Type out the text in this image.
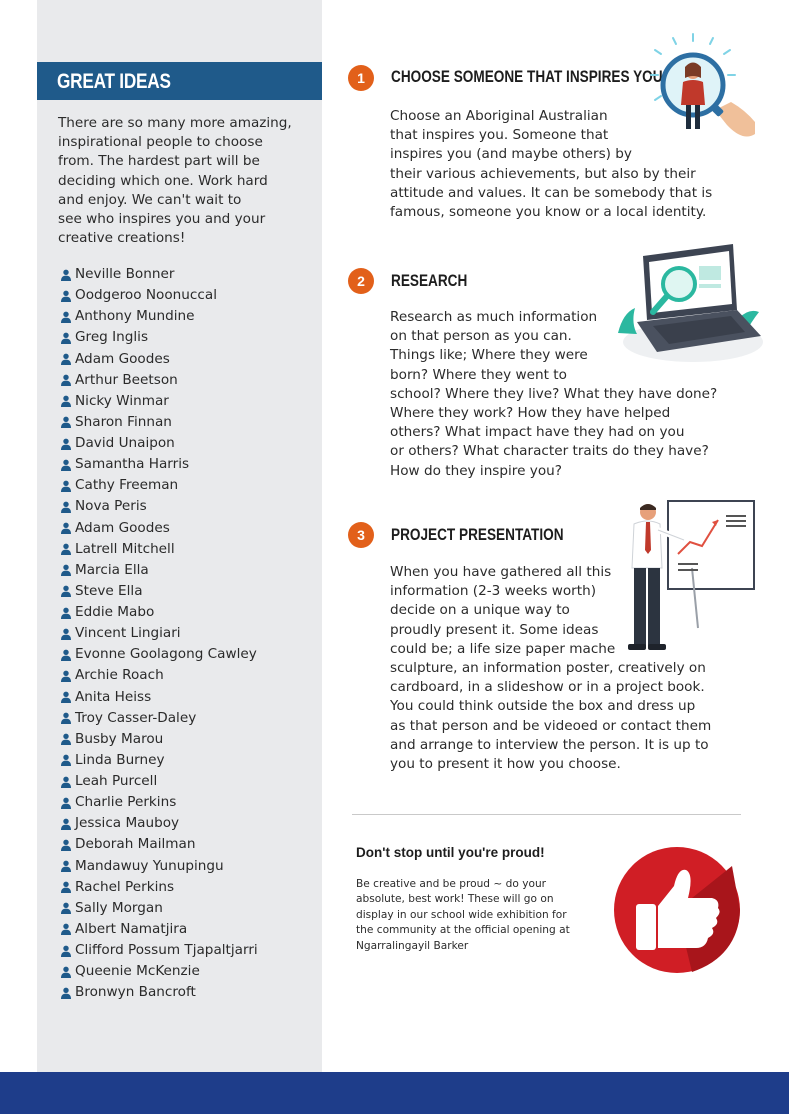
GREAT IDEAS
There are so many more amazing,
inspirational people to choose
from. The hardest part will be
deciding which one. Work hard
and enjoy. We can't wait to
see who inspires you and your
creative creations!
Neville Bonner
Oodgeroo Noonuccal
Anthony Mundine
Greg Inglis
Adam Goodes
Arthur Beetson
Nicky Winmar
Sharon Finnan
David Unaipon
Samantha Harris
Cathy Freeman
Nova Peris
Adam Goodes
Latrell Mitchell
Marcia Ella
Steve Ella
Eddie Mabo
Vincent Lingiari
Evonne Goolagong Cawley
Archie Roach
Anita Heiss
Troy Casser-Daley
Busby Marou
Linda Burney
Leah Purcell
Charlie Perkins
Jessica Mauboy
Deborah Mailman
Mandawuy Yunupingu
Rachel Perkins
Sally Morgan
Albert Namatjira
Clifford Possum Tjapaltjarri
Queenie McKenzie
Bronwyn Bancroft
1	CHOOSE SOMEONE THAT INSPIRES YOU
Choose an Aboriginal Australian
that inspires you. Someone that
inspires you (and maybe others) by
their various achievements, but also by their
attitude and values. It can be somebody that is
famous, someone you know or a local identity.
2	RESEARCH
Research as much information
on that person as you can.
Things like; Where they were
born? Where they went to
school? Where they live? What they have done?
Where they work? How they have helped
others? What impact have they had on you
or others? What character traits do they have?
How do they inspire you?
3	PROJECT PRESENTATION
When you have gathered all this
information (2-3 weeks worth)
decide on a unique way to
proudly present it. Some ideas
could be; a life size paper mache
sculpture, an information poster, creatively on
cardboard, in a slideshow or in a project book.
You could think outside the box and dress up
as that person and be videoed or contact them
and arrange to interview the person. It is up to
you to present it how you choose.
Don't stop until you're proud!
Be creative and be proud ~ do your
absolute, best work! These will go on
display in our school wide exhibition for
the community at the official opening at
Ngarralingayil Barker
